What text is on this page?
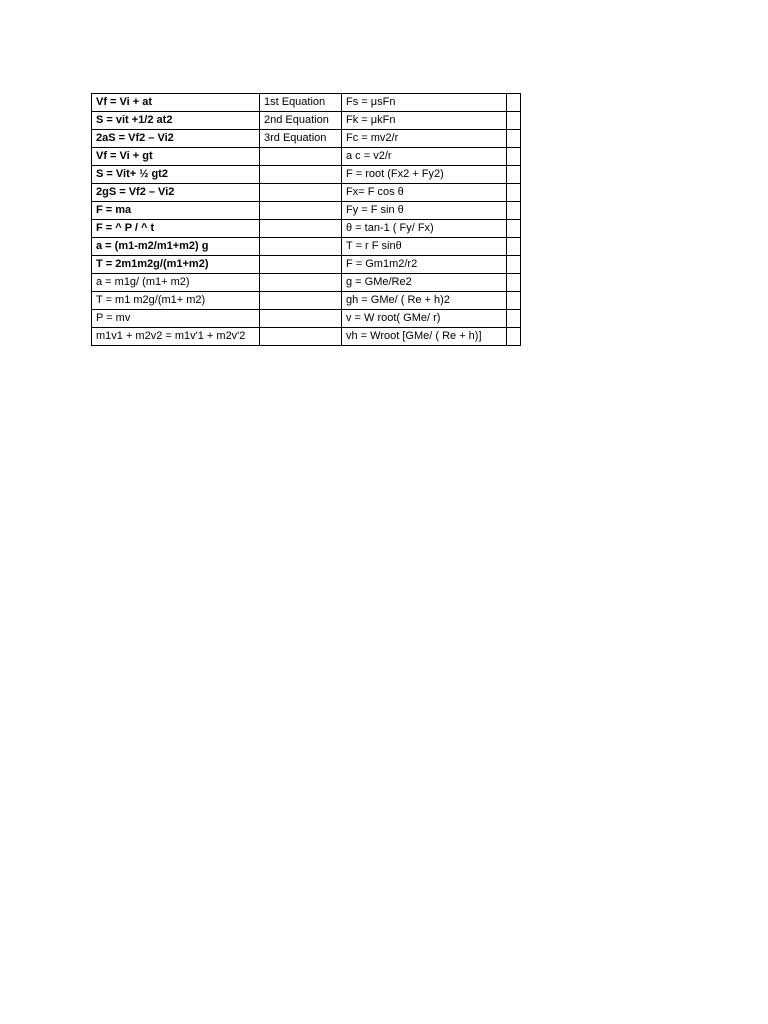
Vf = Vi + at	1st Equation	Fs = μsFn	
S = vit +1/2 at2	2nd Equation	Fk = μkFn	
2aS = Vf2 – Vi2	3rd Equation	Fc = mv2/r	
Vf = Vi + gt		a c = v2/r	
S = Vit+ ½ gt2		F = root (Fx2 + Fy2)	
2gS = Vf2 – Vi2		Fx= F cos θ	
F = ma		Fy = F sin θ	
F = ^ P / ^ t		θ = tan-1 ( Fy/ Fx)	
a = (m1-m2/m1+m2) g		T = r F sinθ	
T = 2m1m2g/(m1+m2)		F = Gm1m2/r2	
a = m1g/ (m1+ m2)		g = GMe/Re2	
T = m1 m2g/(m1+ m2)		gh = GMe/ ( Re + h)2	
P = mv		v = W root( GMe/ r)	
m1v1 + m2v2 = m1v'1 + m2v'2		vh = Wroot [GMe/ ( Re + h)]	
